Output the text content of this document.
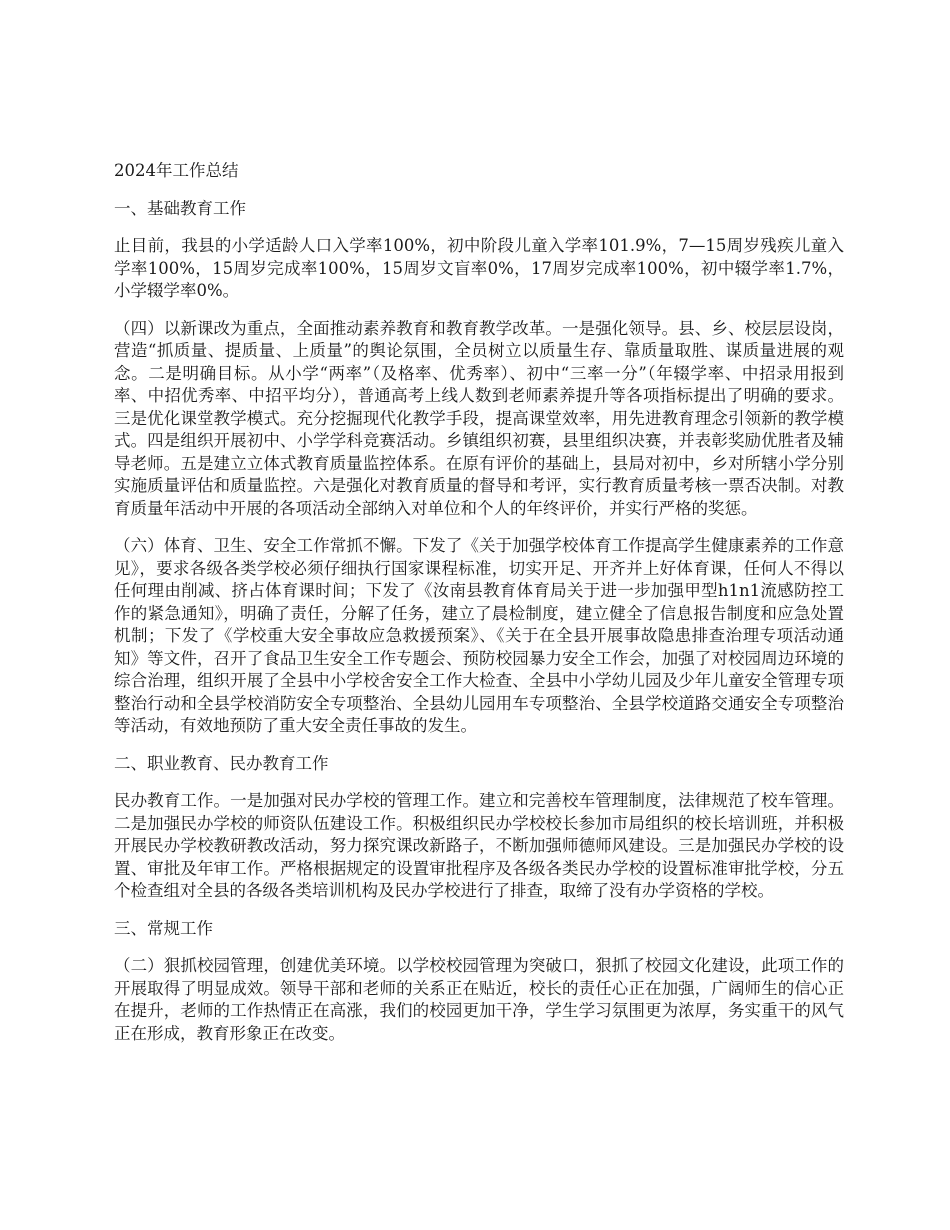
2024年工作总结

一、基础教育工作

止目前，我县的小学适龄人口入学率100%，初中阶段儿童入学率101.9%，7—15周岁残疾儿童入学率100%，15周岁完成率100%，15周岁文盲率0%，17周岁完成率100%，初中辍学率1.7%，小学辍学率0%。

（四）以新课改为重点，全面推动素养教育和教育教学改革。一是强化领导。县、乡、校层层设岗，营造“抓质量、提质量、上质量”的舆论氛围，全员树立以质量生存、靠质量取胜、谋质量进展的观念。二是明确目标。从小学“两率”（及格率、优秀率）、初中“三率一分”（年辍学率、中招录用报到率、中招优秀率、中招平均分），普通高考上线人数到老师素养提升等各项指标提出了明确的要求。三是优化课堂教学模式。充分挖掘现代化教学手段，提高课堂效率，用先进教育理念引领新的教学模式。四是组织开展初中、小学学科竞赛活动。乡镇组织初赛，县里组织决赛，并表彰奖励优胜者及辅导老师。五是建立立体式教育质量监控体系。在原有评价的基础上，县局对初中，乡对所辖小学分别实施质量评估和质量监控。六是强化对教育质量的督导和考评，实行教育质量考核一票否决制。对教育质量年活动中开展的各项活动全部纳入对单位和个人的年终评价，并实行严格的奖惩。

（六）体育、卫生、安全工作常抓不懈。下发了《关于加强学校体育工作提高学生健康素养的工作意见》，要求各级各类学校必须仔细执行国家课程标准，切实开足、开齐并上好体育课，任何人不得以任何理由削减、挤占体育课时间；下发了《汝南县教育体育局关于进一步加强甲型h1n1流感防控工作的紧急通知》，明确了责任，分解了任务，建立了晨检制度，建立健全了信息报告制度和应急处置机制；下发了《学校重大安全事故应急救援预案》、《关于在全县开展事故隐患排查治理专项活动通知》等文件，召开了食品卫生安全工作专题会、预防校园暴力安全工作会，加强了对校园周边环境的综合治理，组织开展了全县中小学校舍安全工作大检查、全县中小学幼儿园及少年儿童安全管理专项整治行动和全县学校消防安全专项整治、全县幼儿园用车专项整治、全县学校道路交通安全专项整治等活动，有效地预防了重大安全责任事故的发生。

二、职业教育、民办教育工作

民办教育工作。一是加强对民办学校的管理工作。建立和完善校车管理制度，法律规范了校车管理。二是加强民办学校的师资队伍建设工作。积极组织民办学校校长参加市局组织的校长培训班，并积极开展民办学校教研教改活动，努力探究课改新路子，不断加强师德师风建设。三是加强民办学校的设置、审批及年审工作。严格根据规定的设置审批程序及各级各类民办学校的设置标准审批学校，分五个检查组对全县的各级各类培训机构及民办学校进行了排查，取缔了没有办学资格的学校。

三、常规工作

（二）狠抓校园管理，创建优美环境。以学校校园管理为突破口，狠抓了校园文化建设，此项工作的开展取得了明显成效。领导干部和老师的关系正在贴近，校长的责任心正在加强，广阔师生的信心正在提升，老师的工作热情正在高涨，我们的校园更加干净，学生学习氛围更为浓厚，务实重干的风气正在形成，教育形象正在改变。
